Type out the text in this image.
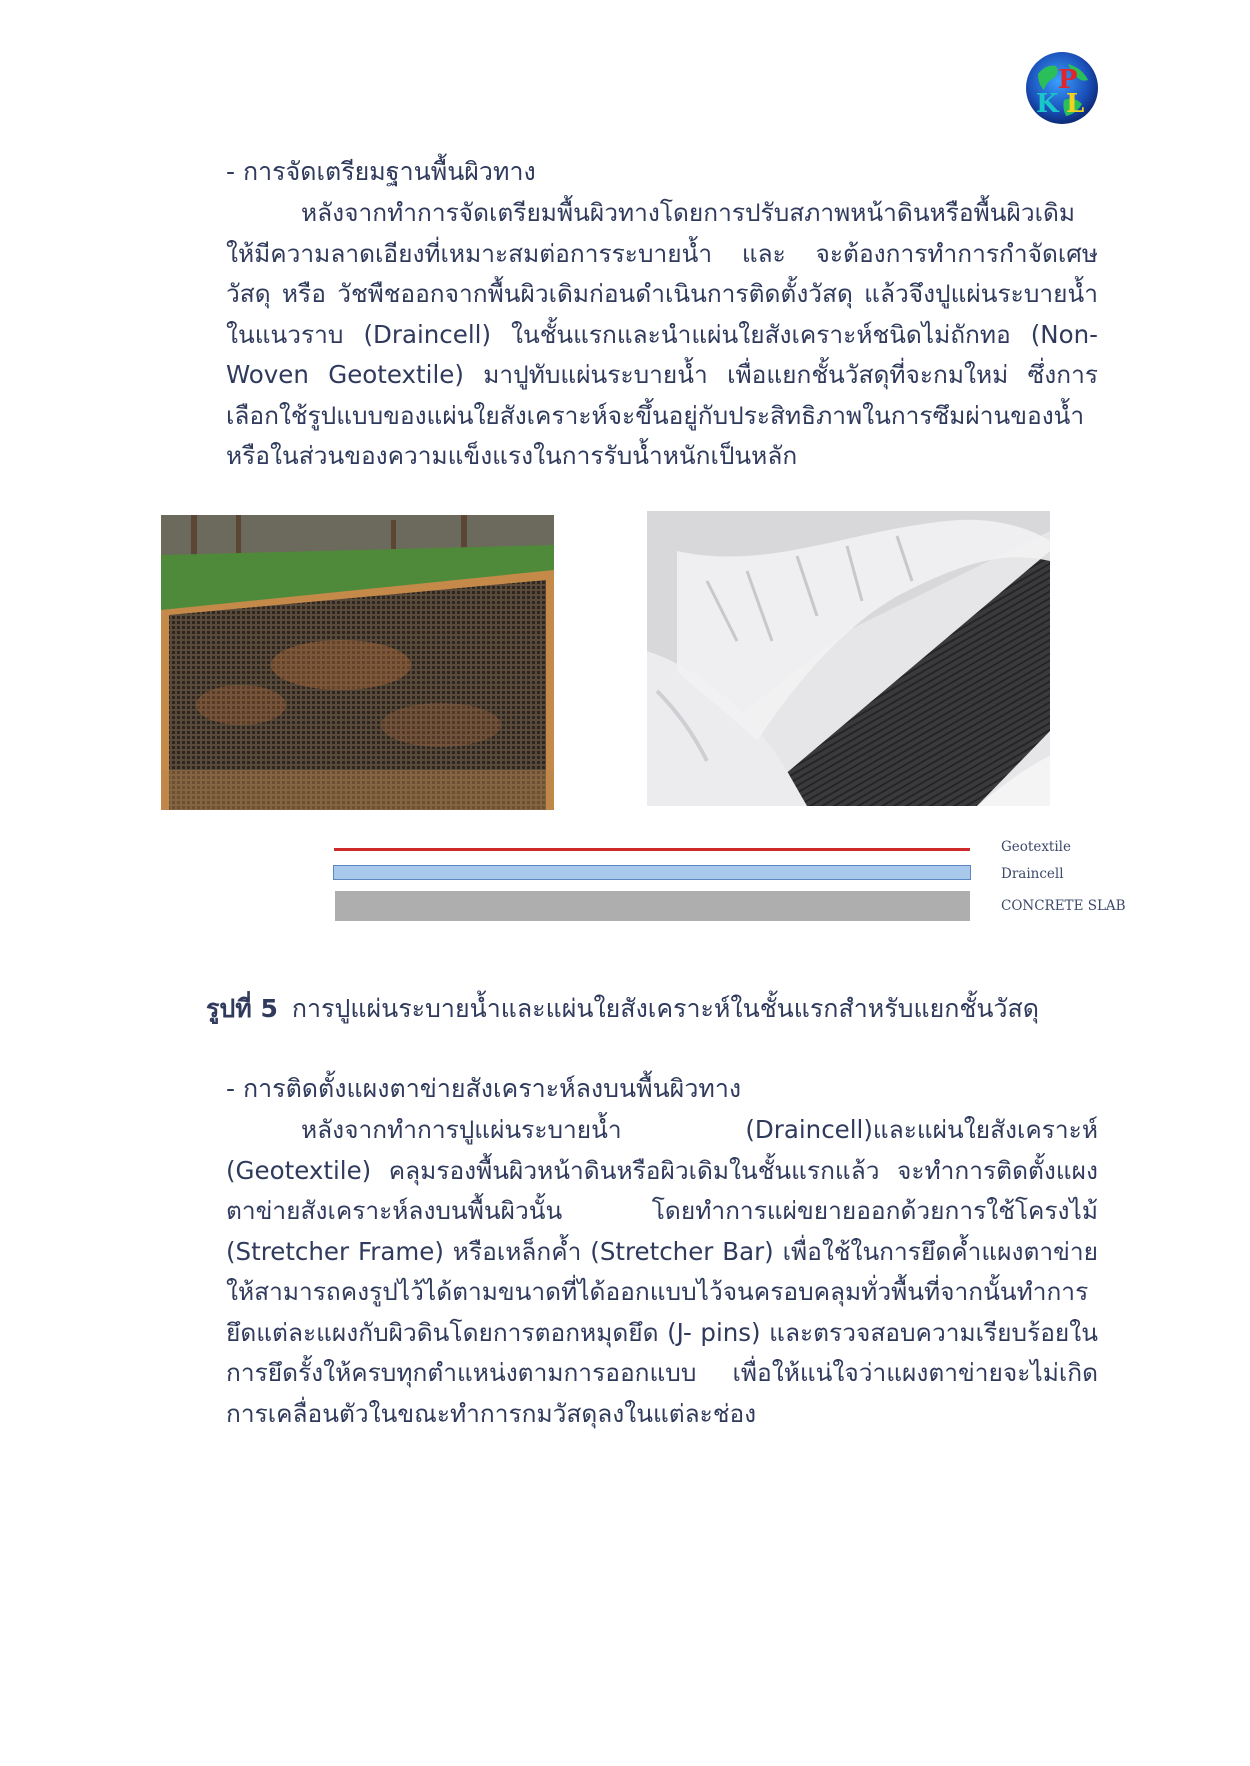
P
K L
- การจัดเตรียมฐานพื้นผิวทาง
หลังจากทำการจัดเตรียมพื้นผิวทางโดยการปรับสภาพหน้าดินหรือพื้นผิวเดิมให้มีความลาดเอียงที่เหมาะสมต่อการระบายน้ำ และ จะต้องการทำการกำจัดเศษวัสดุ หรือ วัชพืชออกจากพื้นผิวเดิมก่อนดำเนินการติดตั้งวัสดุ แล้วจึงปูแผ่นระบายน้ำในแนวราบ (Draincell) ในชั้นแรกและนำแผ่นใยสังเคราะห์ชนิดไม่ถักทอ (Non-Woven Geotextile) มาปูทับแผ่นระบายน้ำ เพื่อแยกชั้นวัสดุที่จะกมใหม่ ซึ่งการเลือกใช้รูปแบบของแผ่นใยสังเคราะห์จะขึ้นอยู่กับประสิทธิภาพในการซึมผ่านของน้ำหรือในส่วนของความแข็งแรงในการรับน้ำหนักเป็นหลัก
Geotextile
Draincell
CONCRETE SLAB
รูปที่ 5 การปูแผ่นระบายน้ำและแผ่นใยสังเคราะห์ในชั้นแรกสำหรับแยกชั้นวัสดุ
- การติดตั้งแผงตาข่ายสังเคราะห์ลงบนพื้นผิวทาง
หลังจากทำการปูแผ่นระบายน้ำ (Draincell)และแผ่นใยสังเคราะห์ (Geotextile) คลุมรองพื้นผิวหน้าดินหรือผิวเดิมในชั้นแรกแล้ว จะทำการติดตั้งแผงตาข่ายสังเคราะห์ลงบนพื้นผิวนั้น โดยทำการแผ่ขยายออกด้วยการใช้โครงไม้ (Stretcher Frame) หรือเหล็กค้ำ (Stretcher Bar) เพื่อใช้ในการยึดค้ำแผงตาข่ายให้สามารถคงรูปไว้ได้ตามขนาดที่ได้ออกแบบไว้จนครอบคลุมทั่วพื้นที่จากนั้นทำการยึดแต่ละแผงกับผิวดินโดยการตอกหมุดยึด (J- pins) และตรวจสอบความเรียบร้อยในการยึดรั้งให้ครบทุกตำแหน่งตามการออกแบบ เพื่อให้แน่ใจว่าแผงตาข่ายจะไม่เกิดการเคลื่อนตัวในขณะทำการกมวัสดุลงในแต่ละช่อง
